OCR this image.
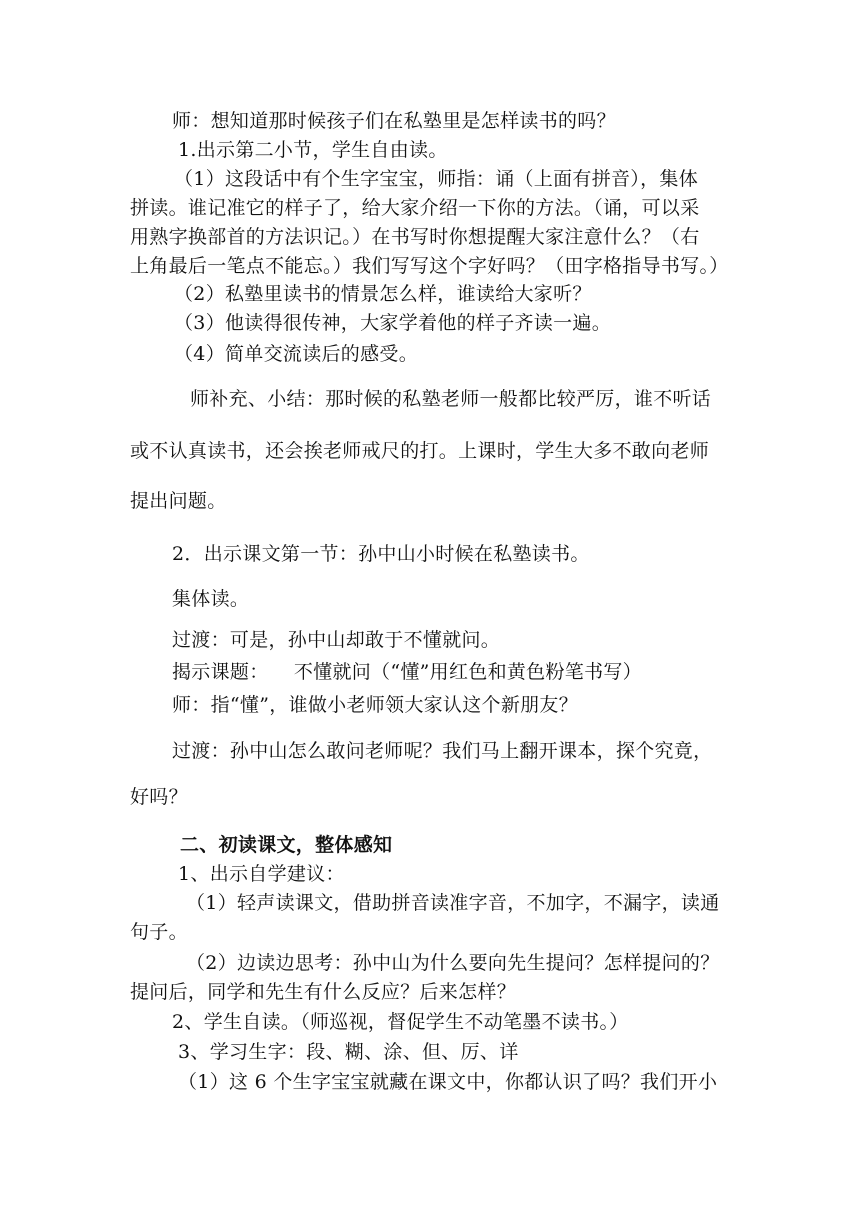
师：想知道那时候孩子们在私塾里是怎样读书的吗？
1.出示第二小节，学生自由读。
（1）这段话中有个生字宝宝，师指：诵（上面有拼音），集体
拼读。谁记准它的样子了，给大家介绍一下你的方法。（诵，可以采
用熟字换部首的方法识记。）在书写时你想提醒大家注意什么？（右
上角最后一笔点不能忘。）我们写写这个字好吗？（田字格指导书写。）
（2）私塾里读书的情景怎么样，谁读给大家听？
（3）他读得很传神，大家学着他的样子齐读一遍。
（4）简单交流读后的感受。
师补充、小结：那时候的私塾老师一般都比较严厉，谁不听话
或不认真读书，还会挨老师戒尺的打。上课时，学生大多不敢向老师
提出问题。
2．出示课文第一节：孙中山小时候在私塾读书。
集体读。
过渡：可是，孙中山却敢于不懂就问。
揭示课题：    不懂就问（“懂”用红色和黄色粉笔书写）
师：指“懂”，谁做小老师领大家认这个新朋友？
过渡：孙中山怎么敢问老师呢？我们马上翻开课本，探个究竟，
好吗？
二、初读课文，整体感知
1、出示自学建议：
（1）轻声读课文，借助拼音读准字音，不加字，不漏字，读通
句子。
（2）边读边思考：孙中山为什么要向先生提问？怎样提问的？
提问后，同学和先生有什么反应？后来怎样？
2、学生自读。（师巡视，督促学生不动笔墨不读书。）
3、学习生字：段、糊、涂、但、厉、详
（1）这 6 个生字宝宝就藏在课文中，你都认识了吗？我们开小
